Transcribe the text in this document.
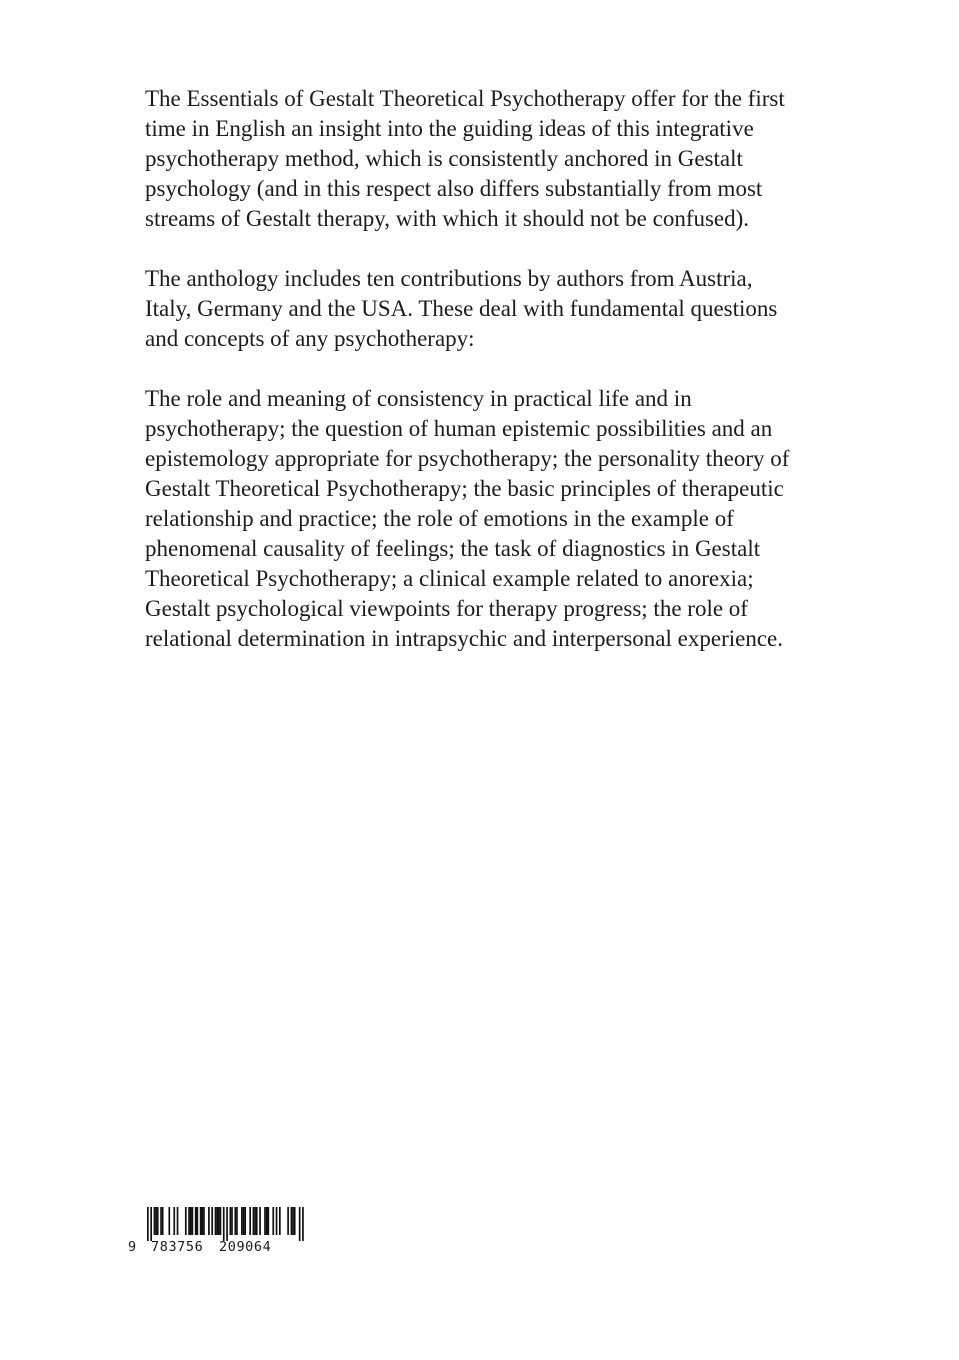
The Essentials of Gestalt Theoretical Psychotherapy offer for the first
time in English an insight into the guiding ideas of this integrative
psychotherapy method, which is consistently anchored in Gestalt
psychology (and in this respect also differs substantially from most
streams of Gestalt therapy, with which it should not be confused).

The anthology includes ten contributions by authors from Austria,
Italy, Germany and the USA. These deal with fundamental questions
and concepts of any psychotherapy:

The role and meaning of consistency in practical life and in
psychotherapy; the question of human epistemic possibilities and an
epistemology appropriate for psychotherapy; the personality theory of
Gestalt Theoretical Psychotherapy; the basic principles of therapeutic
relationship and practice; the role of emotions in the example of
phenomenal causality of feelings; the task of diagnostics in Gestalt
Theoretical Psychotherapy; a clinical example related to anorexia;
Gestalt psychological viewpoints for therapy progress; the role of
relational determination in intrapsychic and interpersonal experience.

9 783756 209064
